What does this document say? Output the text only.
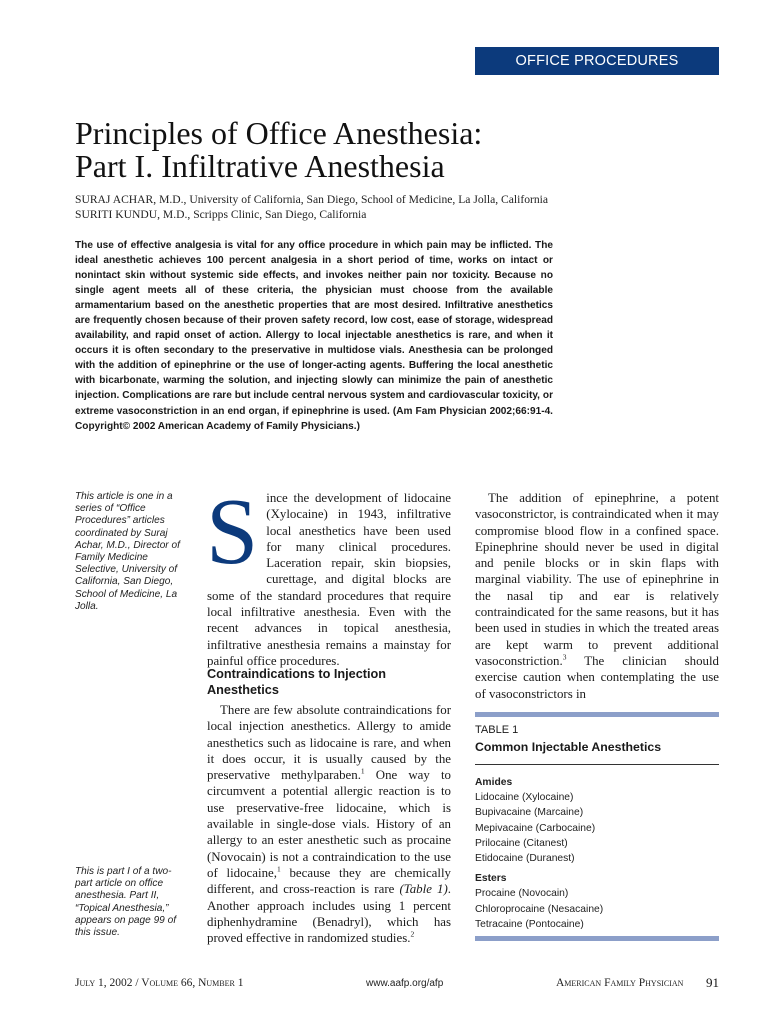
OFFICE PROCEDURES
Principles of Office Anesthesia:
Part I. Infiltrative Anesthesia
SURAJ ACHAR, M.D., University of California, San Diego, School of Medicine, La Jolla, California
SURITI KUNDU, M.D., Scripps Clinic, San Diego, California
The use of effective analgesia is vital for any office procedure in which pain may be inflicted. The ideal anesthetic achieves 100 percent analgesia in a short period of time, works on intact or nonintact skin without systemic side effects, and invokes neither pain nor toxicity. Because no single agent meets all of these criteria, the physician must choose from the available armamentarium based on the anesthetic properties that are most desired. Infiltrative anesthetics are frequently chosen because of their proven safety record, low cost, ease of storage, widespread availability, and rapid onset of action. Allergy to local injectable anesthetics is rare, and when it occurs it is often secondary to the preservative in multidose vials. Anesthesia can be prolonged with the addition of epinephrine or the use of longer-acting agents. Buffering the local anesthetic with bicarbonate, warming the solution, and injecting slowly can minimize the pain of anesthetic injection. Complications are rare but include central nervous system and cardiovascular toxicity, or extreme vasoconstriction in an end organ, if epinephrine is used. (Am Fam Physician 2002;66:91-4. Copyright© 2002 American Academy of Family Physicians.)
This article is one in a series of “Office Procedures” articles coordinated by Suraj Achar, M.D., Director of Family Medicine Selective, University of California, San Diego, School of Medicine, La Jolla.
This is part I of a two-part article on office anesthesia. Part II, “Topical Anesthesia,” appears on page 99 of this issue.
S ince the development of lidocaine (Xylocaine) in 1943, infiltrative local anesthetics have been used for many clinical procedures. Laceration repair, skin biopsies, curettage, and digital blocks are some of the standard procedures that require local infiltrative anesthesia. Even with the recent advances in topical anesthesia, infiltrative anesthesia remains a mainstay for painful office procedures.
Contraindications to Injection Anesthetics

There are few absolute contraindications for local injection anesthetics. Allergy to amide anesthetics such as lidocaine is rare, and when it does occur, it is usually caused by the preservative methylparaben.$^1$ One way to circumvent a potential allergic reaction is to use preservative-free lidocaine, which is available in single-dose vials. History of an allergy to an ester anesthetic such as procaine (Novocain) is not a contraindication to the use of lidocaine,$^1$ because they are chemically different, and cross-reaction is rare (Table 1). Another approach includes using 1 percent diphenhydramine (Benadryl), which has proved effective in randomized studies.$^2$

The addition of epinephrine, a potent vasoconstrictor, is contraindicated when it may compromise blood flow in a confined space. Epinephrine should never be used in digital and penile blocks or in skin flaps with marginal viability. The use of epinephrine in the nasal tip and ear is relatively contraindicated for the same reasons, but it has been used in studies in which the treated areas are kept warm to prevent additional vasoconstriction.$^3$ The clinician should exercise caution when contemplating the use of vasoconstrictors in

TABLE 1
Common Injectable Anesthetics
Amides
Lidocaine (Xylocaine)
Bupivacaine (Marcaine)
Mepivacaine (Carbocaine)
Prilocaine (Citanest)
Etidocaine (Duranest)
Esters
Procaine (Novocain)
Chloroprocaine (Nesacaine)
Tetracaine (Pontocaine)
July 1, 2002 / Volume 66, Number 1	www.aafp.org/afp	American Family Physician 91
